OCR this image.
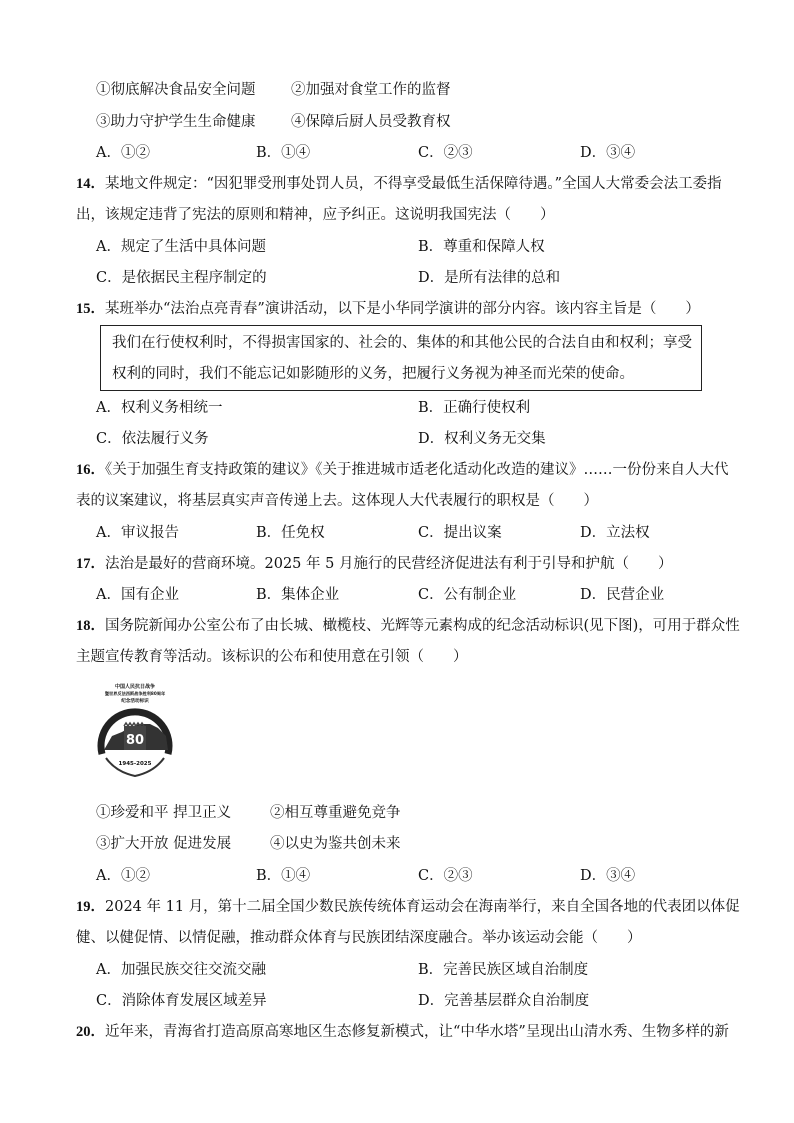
①彻底解决食品安全问题 ②加强对食堂工作的监督
③助力守护学生生命健康 ④保障后厨人员受教育权
A．①②	B．①④	C．②③	D．③④
14．某地文件规定：“因犯罪受刑事处罚人员，不得享受最低生活保障待遇。”全国人大常委会法工委指
出，该规定违背了宪法的原则和精神，应予纠正。这说明我国宪法（　　）
A．规定了生活中具体问题	B．尊重和保障人权
C．是依据民主程序制定的	D．是所有法律的总和
15．某班举办“法治点亮青春”演讲活动，以下是小华同学演讲的部分内容。该内容主旨是（　　）
我们在行使权利时，不得损害国家的、社会的、集体的和其他公民的合法自由和权利；享受
权利的同时，我们不能忘记如影随形的义务，把履行义务视为神圣而光荣的使命。
A．权利义务相统一	B．正确行使权利
C．依法履行义务	D．权利义务无交集
16．《关于加强生育支持政策的建议》《关于推进城市适老化适动化改造的建议》……一份份来自人大代
表的议案建议，将基层真实声音传递上去。这体现人大代表履行的职权是（　　）
A．审议报告	B．任免权	C．提出议案	D．立法权
17．法治是最好的营商环境。2025 年 5 月施行的民营经济促进法有利于引导和护航（　　）
A．国有企业	B．集体企业	C．公有制企业	D．民营企业
18．国务院新闻办公室公布了由长城、橄榄枝、光辉等元素构成的纪念活动标识(见下图)，可用于群众性
主题宣传教育等活动。该标识的公布和使用意在引领（　　）
中国人民抗日战争
暨世界反法西斯战争胜利80周年
纪念活动标识
80
1945-2025
①珍爱和平 捍卫正义	②相互尊重避免竞争
③扩大开放 促进发展	④以史为鉴共创未来
A．①②	B．①④	C．②③	D．③④
19．2024 年 11 月，第十二届全国少数民族传统体育运动会在海南举行，来自全国各地的代表团以体促
健、以健促情、以情促融，推动群众体育与民族团结深度融合。举办该运动会能（　　）
A．加强民族交往交流交融	B．完善民族区域自治制度
C．消除体育发展区域差异	D．完善基层群众自治制度
20．近年来，青海省打造高原高寒地区生态修复新模式，让“中华水塔”呈现出山清水秀、生物多样的新
